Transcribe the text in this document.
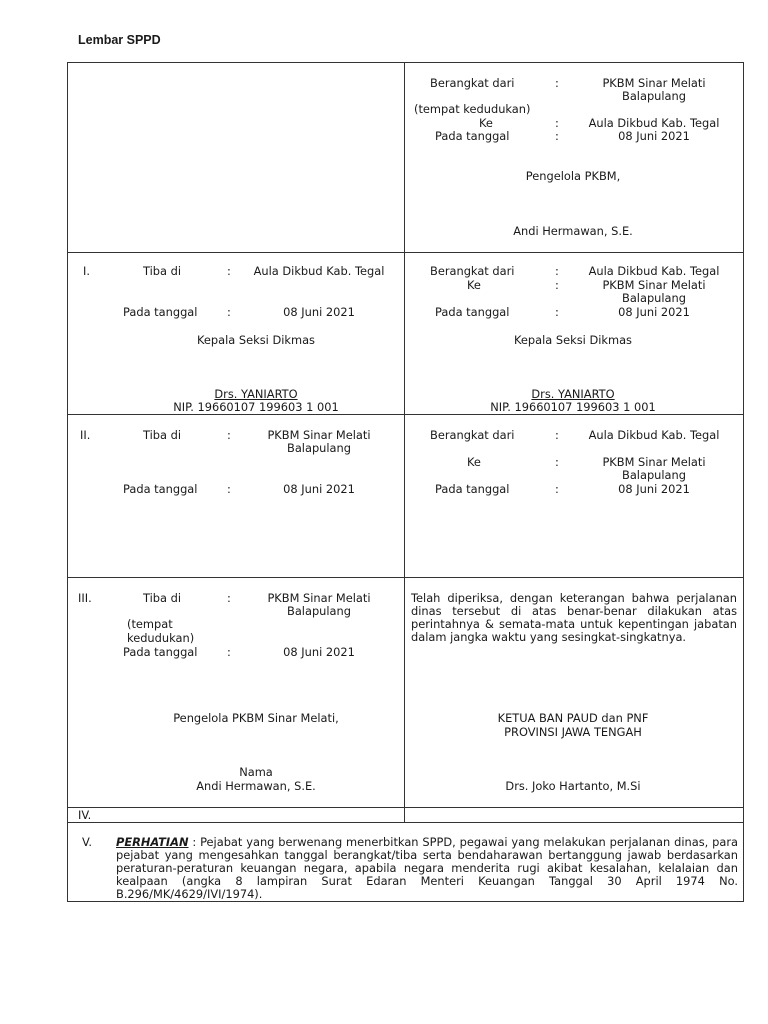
Lembar SPPD
Berangkat dari	:	PKBM Sinar Melati
Balapulang
(tempat kedudukan)
Ke	:	Aula Dikbud Kab. Tegal
Pada tanggal	:	08 Juni 2021
Pengelola PKBM,
Andi Hermawan, S.E.
I.	Tiba di	: Aula Dikbud Kab. Tegal
Pada tanggal	:	08 Juni 2021
Kepala Seksi Dikmas
Drs. YANIARTO
NIP. 19660107 199603 1 001
Berangkat dari	:	Aula Dikbud Kab. Tegal
Ke	:	PKBM Sinar Melati
Balapulang
Pada tanggal	:	08 Juni 2021
Kepala Seksi Dikmas
Drs. YANIARTO
NIP. 19660107 199603 1 001
II.	Tiba di	:	PKBM Sinar Melati
Balapulang
Pada tanggal	:	08 Juni 2021
Berangkat dari	:	Aula Dikbud Kab. Tegal
Ke	:	PKBM Sinar Melati
Balapulang
Pada tanggal	:	08 Juni 2021
III.	Tiba di	:	PKBM Sinar Melati
Balapulang
(tempat
kedudukan)
Pada tanggal	:	08 Juni 2021
Pengelola PKBM Sinar Melati,
Nama
Andi Hermawan, S.E.
Telah diperiksa, dengan keterangan bahwa perjalanan dinas tersebut di atas benar-benar dilakukan atas perintahnya & semata-mata untuk kepentingan jabatan dalam jangka waktu yang sesingkat-singkatnya.
KETUA BAN PAUD dan PNF
PROVINSI JAWA TENGAH
Drs. Joko Hartanto, M.Si
IV.
V. PERHATIAN : Pejabat yang berwenang menerbitkan SPPD, pegawai yang melakukan perjalanan dinas, para pejabat yang mengesahkan tanggal berangkat/tiba serta bendaharawan bertanggung jawab berdasarkan peraturan-peraturan keuangan negara, apabila negara menderita rugi akibat kesalahan, kelalaian dan kealpaan (angka 8 lampiran Surat Edaran Menteri Keuangan Tanggal 30 April 1974 No. B.296/MK/4629/IVI/1974).
